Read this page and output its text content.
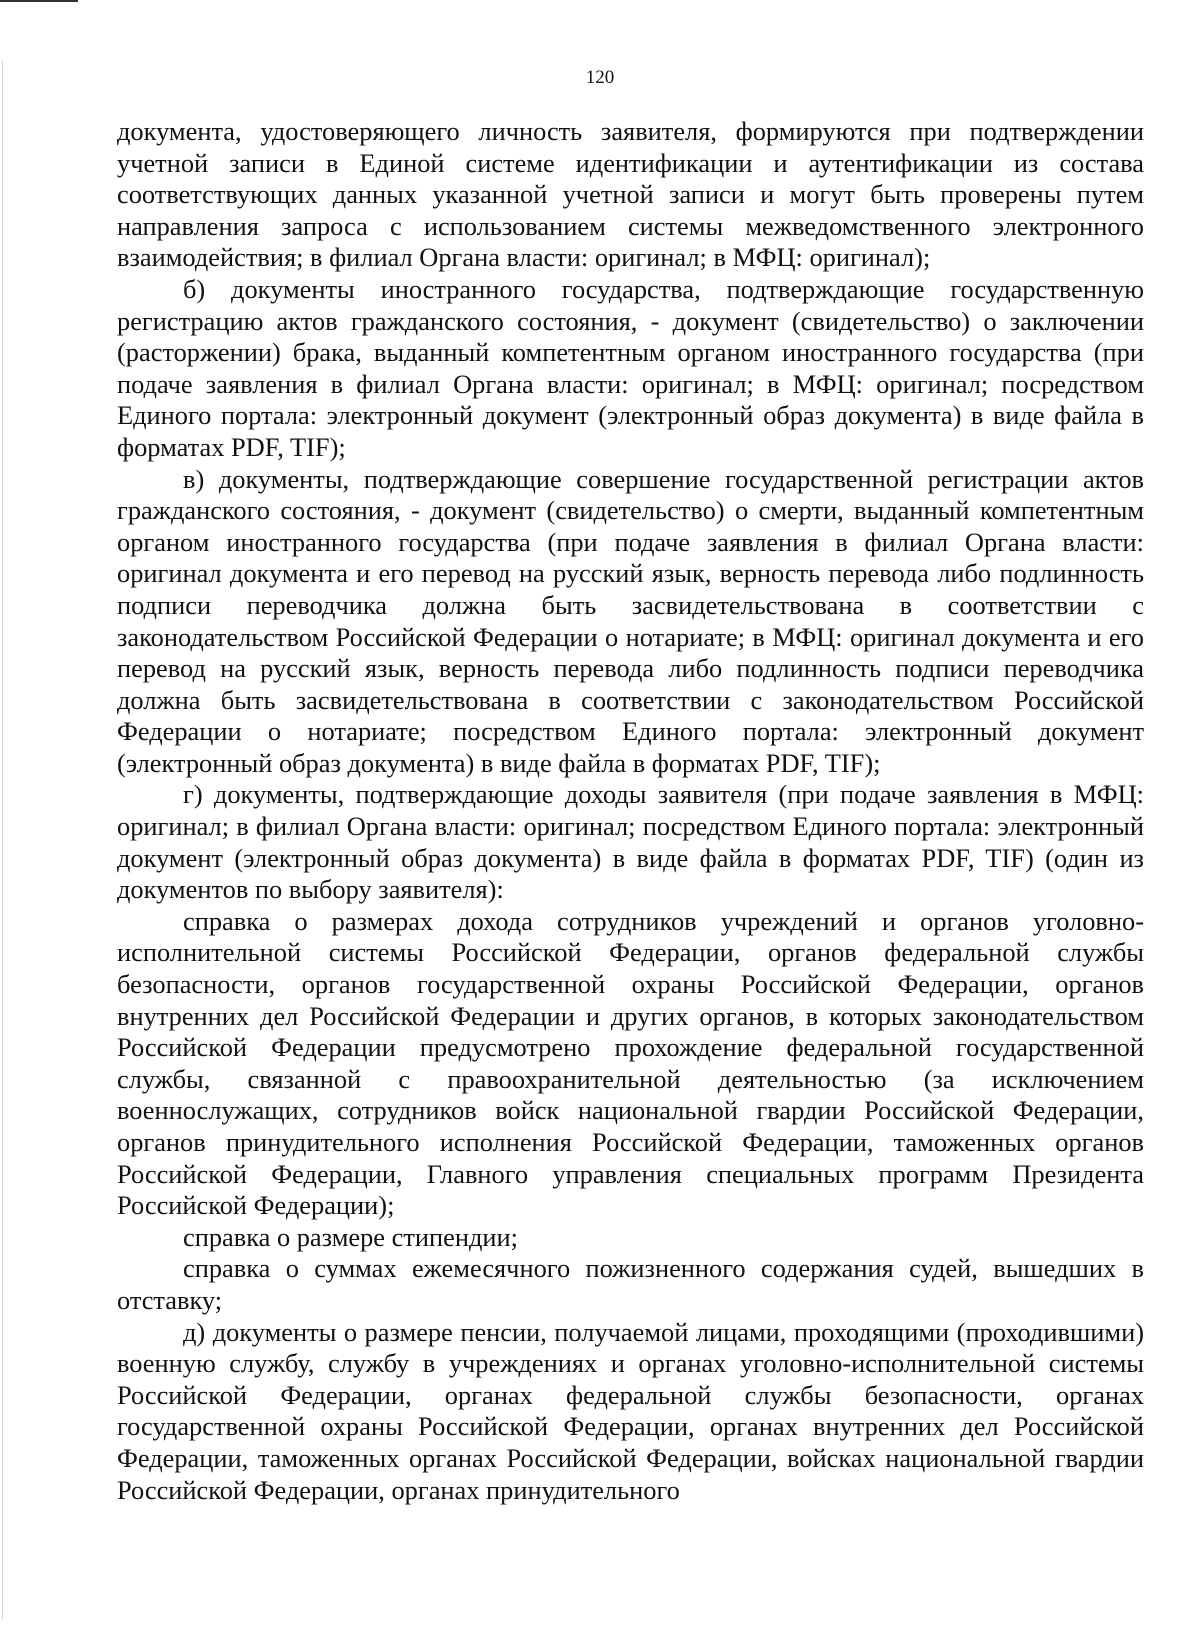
120

документа, удостоверяющего личность заявителя, формируются при подтверждении учетной записи в Единой системе идентификации и аутентификации из состава соответствующих данных указанной учетной записи и могут быть проверены путем направления запроса с использованием системы межведомственного электронного взаимодействия; в филиал Органа власти: оригинал; в МФЦ: оригинал);

б) документы иностранного государства, подтверждающие государственную регистрацию актов гражданского состояния, - документ (свидетельство) о заключении (расторжении) брака, выданный компетентным органом иностранного государства (при подаче заявления в филиал Органа власти: оригинал; в МФЦ: оригинал; посредством Единого портала: электронный документ (электронный образ документа) в виде файла в форматах PDF, TIF);

в) документы, подтверждающие совершение государственной регистрации актов гражданского состояния, - документ (свидетельство) о смерти, выданный компетентным органом иностранного государства (при подаче заявления в филиал Органа власти: оригинал документа и его перевод на русский язык, верность перевода либо подлинность подписи переводчика должна быть засвидетельствована в соответствии с законодательством Российской Федерации о нотариате; в МФЦ: оригинал документа и его перевод на русский язык, верность перевода либо подлинность подписи переводчика должна быть засвидетельствована в соответствии с законодательством Российской Федерации о нотариате; посредством Единого портала: электронный документ (электронный образ документа) в виде файла в форматах PDF, TIF);

г) документы, подтверждающие доходы заявителя (при подаче заявления в МФЦ: оригинал; в филиал Органа власти: оригинал; посредством Единого портала: электронный документ (электронный образ документа) в виде файла в форматах PDF, TIF) (один из документов по выбору заявителя):

справка о размерах дохода сотрудников учреждений и органов уголовно-исполнительной системы Российской Федерации, органов федеральной службы безопасности, органов государственной охраны Российской Федерации, органов внутренних дел Российской Федерации и других органов, в которых законодательством Российской Федерации предусмотрено прохождение федеральной государственной службы, связанной с правоохранительной деятельностью (за исключением военнослужащих, сотрудников войск национальной гвардии Российской Федерации, органов принудительного исполнения Российской Федерации, таможенных органов Российской Федерации, Главного управления специальных программ Президента Российской Федерации);

справка о размере стипендии;

справка о суммах ежемесячного пожизненного содержания судей, вышедших в отставку;

д) документы о размере пенсии, получаемой лицами, проходящими (проходившими) военную службу, службу в учреждениях и органах уголовно-исполнительной системы Российской Федерации, органах федеральной службы безопасности, органах государственной охраны Российской Федерации, органах внутренних дел Российской Федерации, таможенных органах Российской Федерации, войсках национальной гвардии Российской Федерации, органах принудительного
